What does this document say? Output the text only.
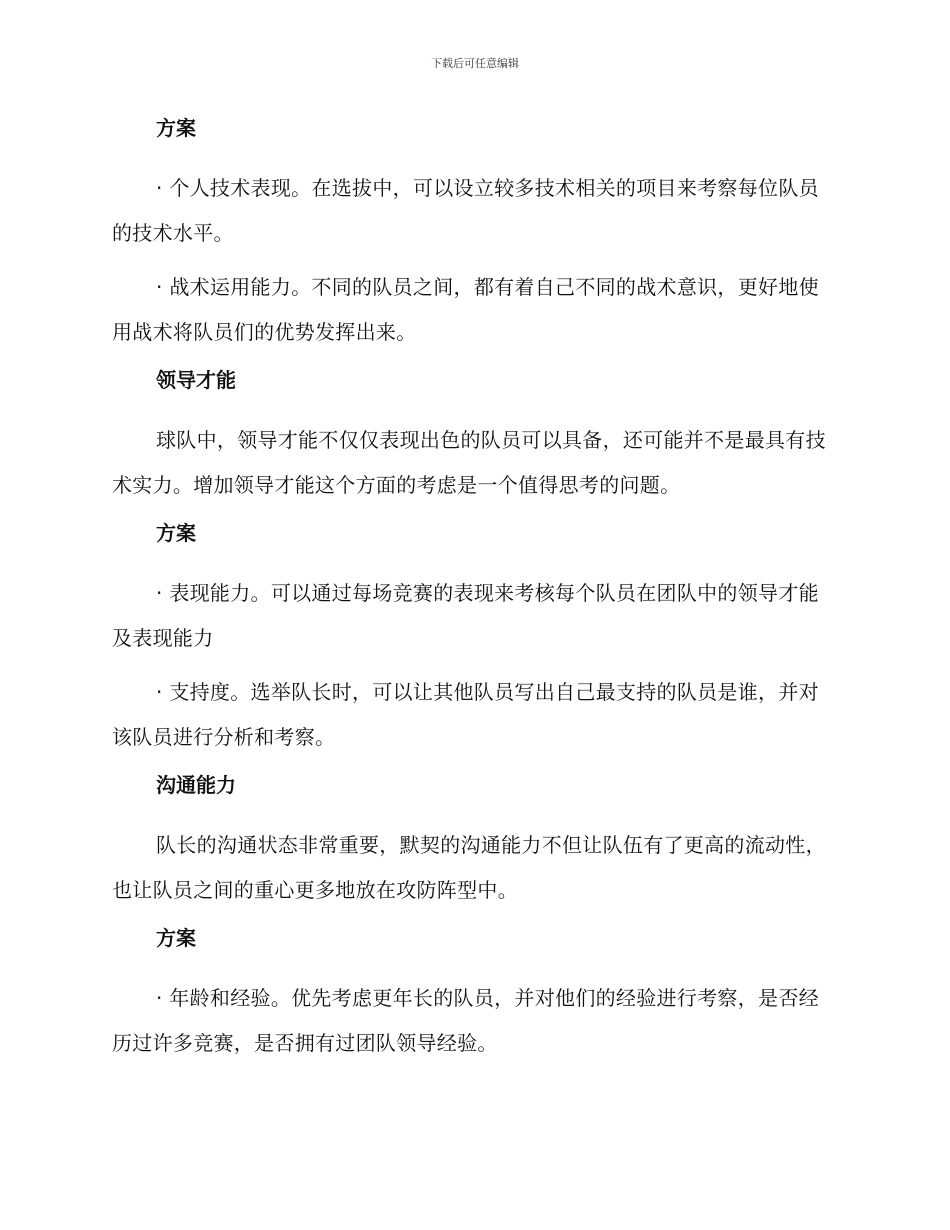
下载后可任意编辑
方案

· 个人技术表现。在选拔中，可以设立较多技术相关的项目来考察每位队员的技术水平。

· 战术运用能力。不同的队员之间，都有着自己不同的战术意识，更好地使用战术将队员们的优势发挥出来。

领导才能

球队中，领导才能不仅仅表现出色的队员可以具备，还可能并不是最具有技术实力。增加领导才能这个方面的考虑是一个值得思考的问题。

方案

· 表现能力。可以通过每场竞赛的表现来考核每个队员在团队中的领导才能及表现能力

· 支持度。选举队长时，可以让其他队员写出自己最支持的队员是谁，并对该队员进行分析和考察。

沟通能力

队长的沟通状态非常重要，默契的沟通能力不但让队伍有了更高的流动性，也让队员之间的重心更多地放在攻防阵型中。

方案

· 年龄和经验。优先考虑更年长的队员，并对他们的经验进行考察，是否经历过许多竞赛，是否拥有过团队领导经验。
